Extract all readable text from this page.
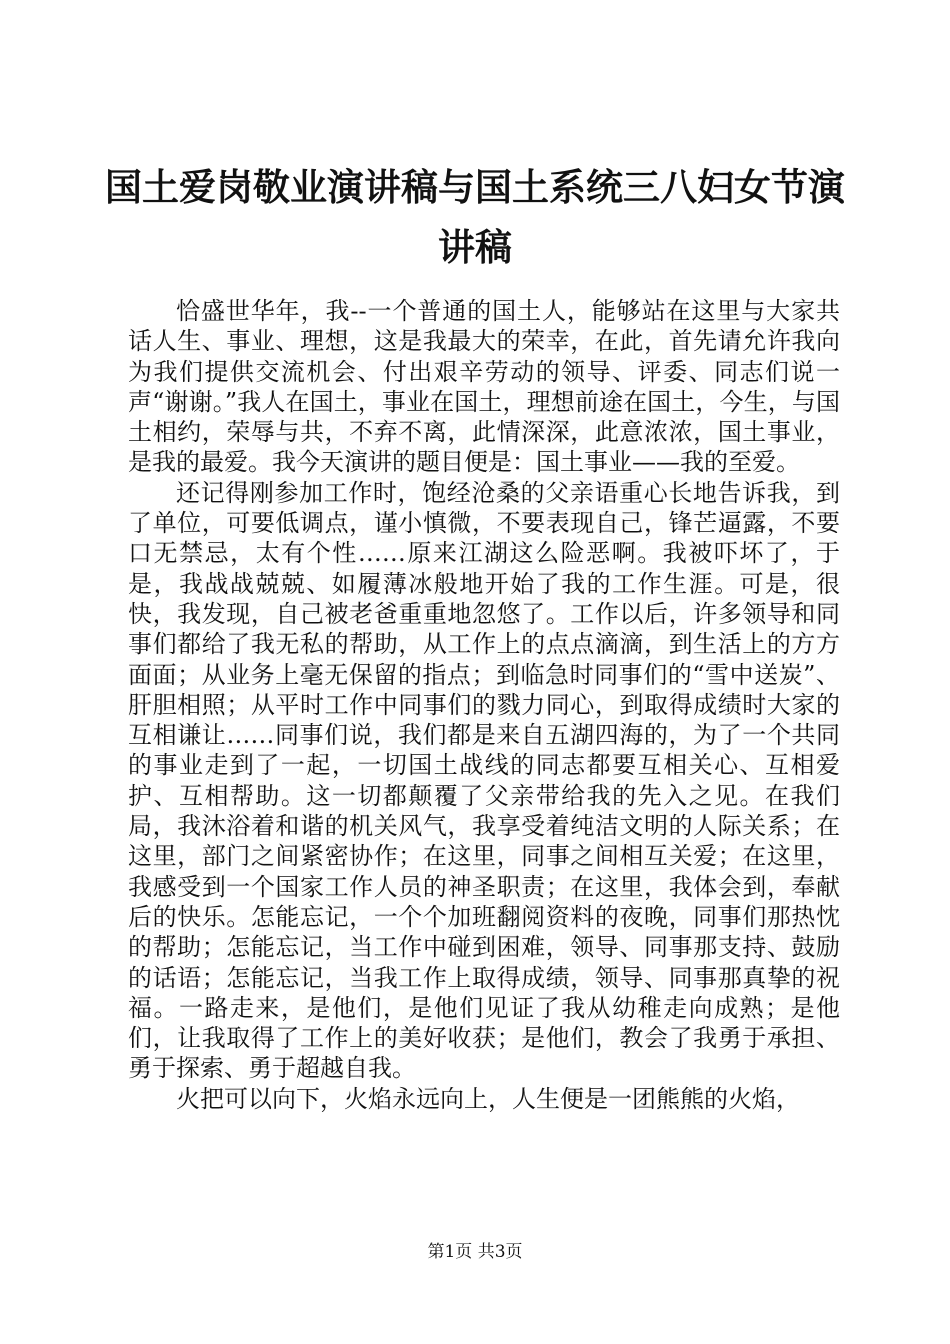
国土爱岗敬业演讲稿与国土系统三八妇女节演讲稿

恰盛世华年，我--一个普通的国土人，能够站在这里与大家共话人生、事业、理想，这是我最大的荣幸，在此，首先请允许我向为我们提供交流机会、付出艰辛劳动的领导、评委、同志们说一声“谢谢。”我人在国土，事业在国土，理想前途在国土，今生，与国土相约，荣辱与共，不弃不离，此情深深，此意浓浓，国土事业，是我的最爱。我今天演讲的题目便是：国土事业——我的至爱。

还记得刚参加工作时，饱经沧桑的父亲语重心长地告诉我，到了单位，可要低调点，谨小慎微，不要表现自己，锋芒逼露，不要口无禁忌，太有个性……原来江湖这么险恶啊。我被吓坏了，于是，我战战兢兢、如履薄冰般地开始了我的工作生涯。可是，很快，我发现，自己被老爸重重地忽悠了。工作以后，许多领导和同事们都给了我无私的帮助，从工作上的点点滴滴，到生活上的方方面面；从业务上毫无保留的指点；到临急时同事们的“雪中送炭”、肝胆相照；从平时工作中同事们的戮力同心，到取得成绩时大家的互相谦让……同事们说，我们都是来自五湖四海的，为了一个共同的事业走到了一起，一切国土战线的同志都要互相关心、互相爱护、互相帮助。这一切都颠覆了父亲带给我的先入之见。在我们局，我沐浴着和谐的机关风气，我享受着纯洁文明的人际关系；在这里，部门之间紧密协作；在这里，同事之间相互关爱；在这里，我感受到一个国家工作人员的神圣职责；在这里，我体会到，奉献后的快乐。怎能忘记，一个个加班翻阅资料的夜晚，同事们那热忱的帮助；怎能忘记，当工作中碰到困难，领导、同事那支持、鼓励的话语；怎能忘记，当我工作上取得成绩，领导、同事那真挚的祝福。一路走来，是他们，是他们见证了我从幼稚走向成熟；是他们，让我取得了工作上的美好收获；是他们，教会了我勇于承担、勇于探索、勇于超越自我。

火把可以向下，火焰永远向上，人生便是一团熊熊的火焰，

第1页 共3页
